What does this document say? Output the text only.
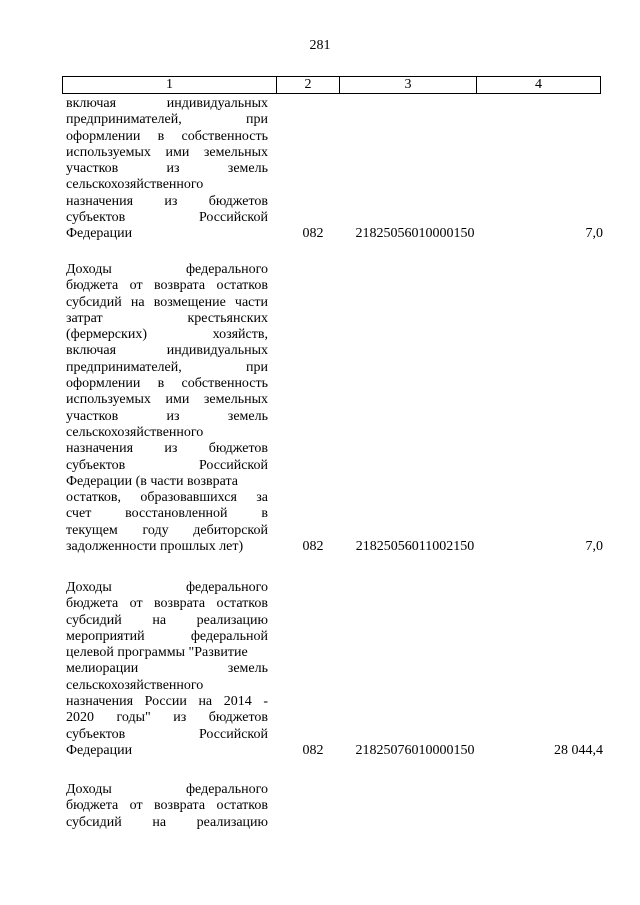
281
1	2	3	4
включая индивидуальных
предпринимателей, при
оформлении в собственность
используемых ими земельных
участков из земель
сельскохозяйственного
назначения из бюджетов
субъектов Российской
Федерации	082	21825056010000150	7,0
Доходы федерального
бюджета от возврата остатков
субсидий на возмещение части
затрат крестьянских
(фермерских) хозяйств,
включая индивидуальных
предпринимателей, при
оформлении в собственность
используемых ими земельных
участков из земель
сельскохозяйственного
назначения из бюджетов
субъектов Российской
Федерации (в части возврата
остатков, образовавшихся за
счет восстановленной в
текущем году дебиторской
задолженности прошлых лет)	082	21825056011002150	7,0
Доходы федерального
бюджета от возврата остатков
субсидий на реализацию
мероприятий федеральной
целевой программы "Развитие
мелиорации земель
сельскохозяйственного
назначения России на 2014 -
2020 годы" из бюджетов
субъектов Российской
Федерации	082	21825076010000150	28 044,4
Доходы федерального
бюджета от возврата остатков
субсидий на реализацию
